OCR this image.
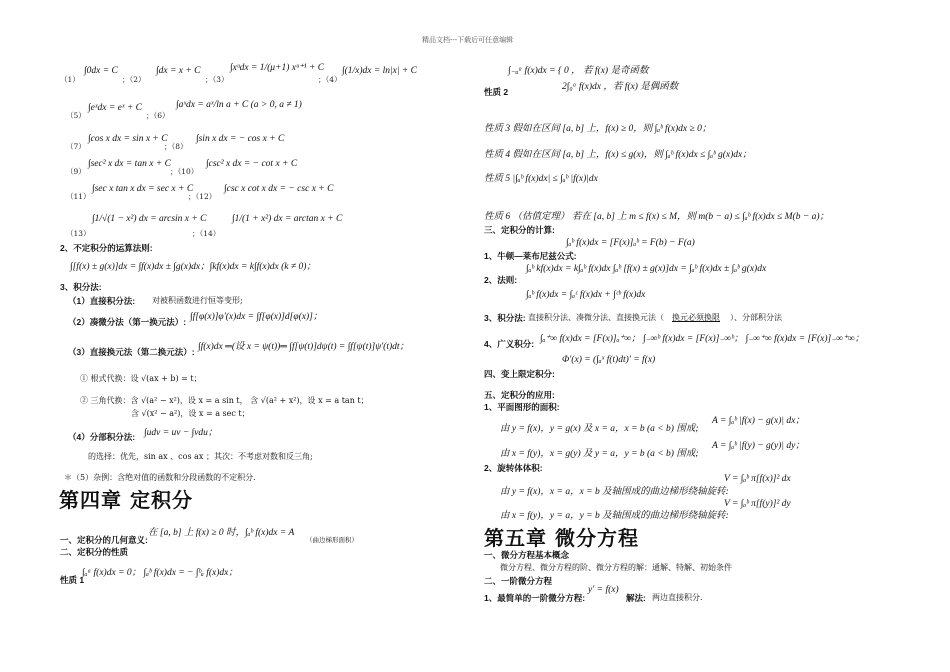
精品文档---下载后可任意编辑
（1）
∫0dx = C
；（2）
∫dx = x + C
；（3）
∫xᵘdx = 1/(μ+1) xᵘ⁺¹ + C
；（4）
∫(1/x)dx = ln|x| + C
（5）
∫eˣdx = eˣ + C
；（6）
∫aˣdx = aˣ/ln a + C (a > 0, a ≠ 1)
（7）
∫cos x dx = sin x + C
；（8）
∫sin x dx = − cos x + C
（9）
∫sec² x dx = tan x + C
；（10）
∫csc² x dx = − cot x + C
（11）
∫sec x tan x dx = sec x + C
；（12）
∫csc x cot x dx = − csc x + C
（13）
∫1/√(1 − x²) dx = arcsin x + C
；（14）
∫1/(1 + x²) dx = arctan x + C
2、不定积分的运算法则:
∫[f(x) ± g(x)]dx = ∫f(x)dx ± ∫g(x)dx；∫kf(x)dx = k∫f(x)dx (k ≠ 0)；
3、积分法:
（1）直接积分法: 对被积函数进行恒等变形;
（2）凑微分法（第一换元法）: ∫f[φ(x)]φ′(x)dx = ∫f[φ(x)]d[φ(x)]；
（3）直接换元法（第二换元法）: ∫f(x)dx ═(设 x = ψ(t))═ ∫f[ψ(t)]dψ(t) = ∫f[ψ(t)]ψ′(t)dt；
① 根式代换：设 √(ax + b) = t；
② 三角代换：含 √(a² − x²)，设 x = a sin t， 含 √(a² + x²)，设 x = a tan t；
含 √(x² − a²)，设 x = a sec t；
（4）分部积分法: ∫udv = uv − ∫vdu；
的选择：优先，sin ax 、cos ax ；其次：不考虑对数和反三角;
＊（5）杂例：含绝对值的函数和分段函数的不定积分.
第四章 定积分
一、定积分的几何意义:
在 [a, b] 上 f(x) ≥ 0 时，∫ₐᵇ f(x)dx = A
（曲边梯形面积）
二、定积分的性质
性质 1
∫ₐᵃ f(x)dx = 0； ∫ₐᵇ f(x)dx = − ∫ᵇₐ f(x)dx；
∫₋ₐᵃ f(x)dx = { 0 ， 若 f(x) 是奇函数
2∫₀ᵃ f(x)dx ，若 f(x) 是偶函数
性质 2
性质 3 假如在区间 [a, b] 上，f(x) ≥ 0，则 ∫ₐᵇ f(x)dx ≥ 0；
性质 4 假如在区间 [a, b] 上，f(x) ≤ g(x)，则 ∫ₐᵇ f(x)dx ≤ ∫ₐᵇ g(x)dx；
性质 5 |∫ₐᵇ f(x)dx| ≤ ∫ₐᵇ |f(x)|dx
性质 6 （估值定理） 若在 [a, b] 上 m ≤ f(x) ≤ M，则 m(b − a) ≤ ∫ₐᵇ f(x)dx ≤ M(b − a)；
三、定积分的计算:
∫ₐᵇ f(x)dx = [F(x)]ₐᵇ = F(b) − F(a)
1、牛顿—莱布尼兹公式:
∫ₐᵇ kf(x)dx = k∫ₐᵇ f(x)dx ∫ₐᵇ [f(x) ± g(x)]dx = ∫ₐᵇ f(x)dx ± ∫ₐᵇ g(x)dx
2、法则:
∫ₐᵇ f(x)dx = ∫ₐᶜ f(x)dx + ∫ᶜᵇ f(x)dx
3、积分法: 直接积分法、凑微分法、直接换元法（ 换元必须换限 ）、分部积分法
4、广义积分: ∫ₐ⁺∞ f(x)dx = [F(x)]ₐ⁺∞； ∫₋∞ᵇ f(x)dx = [F(x)]₋∞ᵇ； ∫₋∞⁺∞ f(x)dx = [F(x)]₋∞⁺∞；
Φ′(x) = (∫ₐˣ f(t)dt)′ = f(x)
四、变上限定积分:
五、定积分的应用:
1、平面图形的面积:
由 y = f(x)，y = g(x) 及 x = a，x = b (a < b) 围成;
A = ∫ₐᵇ |f(x) − g(x)| dx；
由 x = f(y)，x = g(y) 及 y = a，y = b (a < b) 围成;
A = ∫ₐᵇ |f(y) − g(y)| dy；
2、旋转体体积:
由 y = f(x)，x = a，x = b 及轴围成的曲边梯形绕轴旋转:
V = ∫ₐᵇ π[f(x)]² dx
由 x = f(y)，y = a，y = b 及轴围成的曲边梯形绕轴旋转:
V = ∫ₐᵇ π[f(y)]² dy
第五章 微分方程
一、微分方程基本概念
微分方程、微分方程的阶、微分方程的解：通解、特解、初始条件
二、一阶微分方程
1、最简单的一阶微分方程:
y′ = f(x)
解法: 两边直接积分.
